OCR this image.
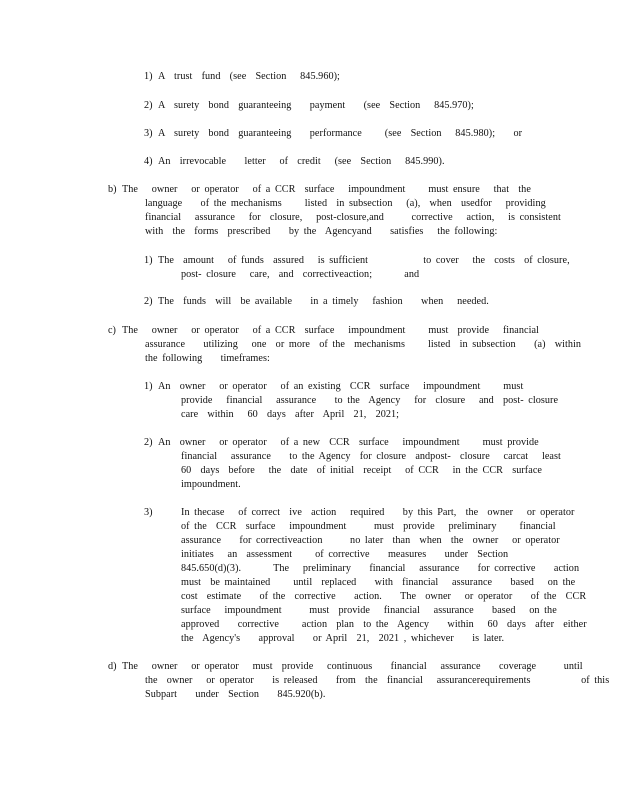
1) A  trust  fund  (see  Section   845.960);
2) A  surety  bond  guaranteeing    payment    (see  Section   845.970);
3) A  surety  bond  guaranteeing    performance     (see  Section   845.980);    or
4) An  irrevocable    letter   of  credit   (see  Section   845.990).
b) The   owner   or operator   of a CCR  surface   impoundment     must ensure   that  the
language    of the mechanisms     listed  in subsection   (a),  when  usedfor   providing
financial   assurance   for  closure,   post-closure,and      corrective   action,   is consistent
with  the  forms  prescribed    by the  Agencyand    satisfies   the following:
1) The  amount   of funds  assured   is sufficient            to cover   the  costs  of closure,
post- closure   care,  and  correctiveaction;       and
2) The  funds  will  be available    in a timely   fashion    when   needed.
c) The   owner   or operator   of a CCR  surface   impoundment     must  provide   financial
assurance    utilizing   one  or more  of the  mechanisms     listed  in subsection    (a)  within
the following    timeframes:
1) An  owner   or operator   of an existing  CCR  surface   impoundment     must
provide   financial   assurance    to the  Agency   for  closure   and  post- closure
care  within   60  days  after  April  21,  2021;
2) An  owner   or operator   of a new  CCR  surface   impoundment     must provide
financial   assurance    to the Agency  for closure  andpost-  closure   carcat   least
60  days  before   the  date  of initial  receipt   of CCR   in the CCR  surface
impoundment.
3)	In thecase   of correct  ive  action   required    by this Part,  the  owner   or operator
of the  CCR  surface   impoundment      must  provide   preliminary     financial
assurance    for correctiveaction      no later  than  when  the  owner   or operator
initiates   an  assessment     of corrective    measures    under  Section
845.650(d)(3).       The   preliminary    financial   assurance    for corrective    action
must  be maintained     until  replaced    with  financial   assurance    based   on the
cost  estimate    of the  corrective    action.    The  owner   or operator    of the  CCR
surface   impoundment      must  provide   financial   assurance    based   on the
approved    corrective     action  plan  to the  Agency    within   60  days  after  either
the  Agency's    approval    or April  21,  2021 , whichever    is later.
d) The   owner   or operator   must  provide   continuous    financial   assurance    coverage      until
the  owner   or operator    is released    from  the  financial   assurancerequirements           of this
Subpart    under  Section    845.920(b).
